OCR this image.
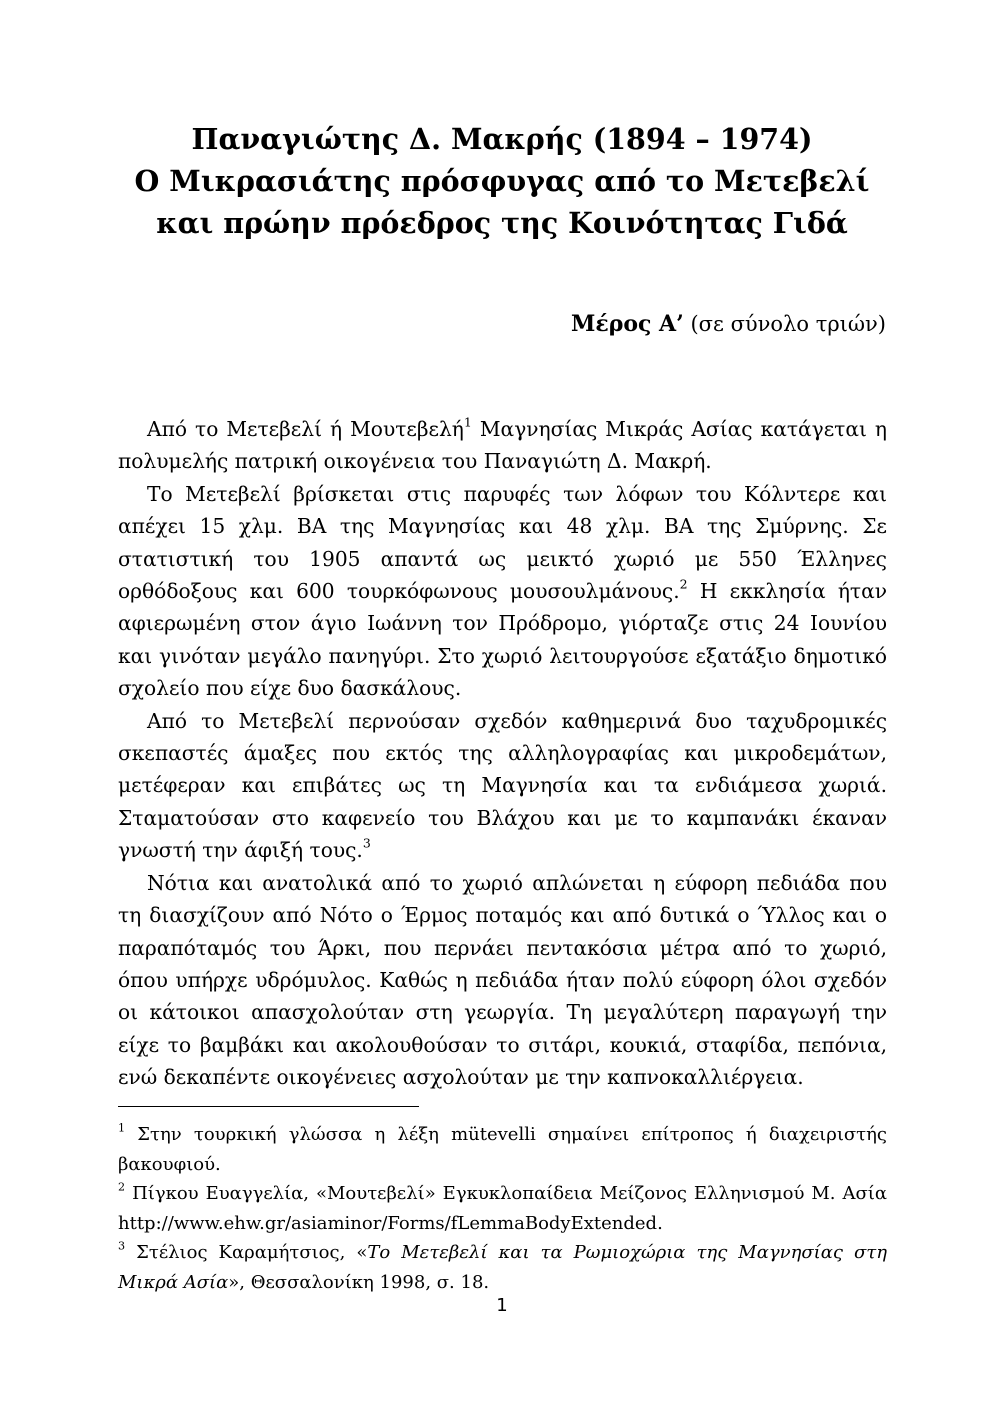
Παναγιώτης Δ. Μακρής (1894 – 1974)
Ο Μικρασιάτης πρόσφυγας από το Μετεβελί
και πρώην πρόεδρος της Κοινότητας Γιδά
Μέρος Α’ (σε σύνολο τριών)

Από το Μετεβελί ή Μουτεβελή$^1$ Μαγνησίας Μικράς Ασίας κατάγεται η πολυμελής πατρική οικογένεια του Παναγιώτη Δ. Μακρή.

Το Μετεβελί βρίσκεται στις παρυφές των λόφων του Κόλντερε και απέχει 15 χλμ. ΒΑ της Μαγνησίας και 48 χλμ. ΒΑ της Σμύρνης. Σε στατιστική του 1905 απαντά ως μεικτό χωριό με 550 Έλληνες ορθόδοξους και 600 τουρκόφωνους μουσουλμάνους.$^2$ Η εκκλησία ήταν αφιερωμένη στον άγιο Ιωάννη τον Πρόδρομο, γιόρταζε στις 24 Ιουνίου και γινόταν μεγάλο πανηγύρι. Στο χωριό λειτουργούσε εξατάξιο δημοτικό σχολείο που είχε δυο δασκάλους.

Από το Μετεβελί περνούσαν σχεδόν καθημερινά δυο ταχυδρομικές σκεπαστές άμαξες που εκτός της αλληλογραφίας και μικροδεμάτων, μετέφεραν και επιβάτες ως τη Μαγνησία και τα ενδιάμεσα χωριά. Σταματούσαν στο καφενείο του Βλάχου και με το καμπανάκι έκαναν γνωστή την άφιξή τους.$^3$

Νότια και ανατολικά από το χωριό απλώνεται η εύφορη πεδιάδα που τη διασχίζουν από Νότο ο Έρμος ποταμός και από δυτικά ο Ύλλος και ο παραπόταμός του Άρκι, που περνάει πεντακόσια μέτρα από το χωριό, όπου υπήρχε υδρόμυλος. Καθώς η πεδιάδα ήταν πολύ εύφορη όλοι σχεδόν οι κάτοικοι απασχολούταν στη γεωργία. Τη μεγαλύτερη παραγωγή την είχε το βαμβάκι και ακολουθούσαν το σιτάρι, κουκιά, σταφίδα, πεπόνια, ενώ δεκαπέντε οικογένειες ασχολούταν με την καπνοκαλλιέργεια.

$^1$ Στην τουρκική γλώσσα η λέξη mütevelli σημαίνει επίτροπος ή διαχειριστής βακουφιού.

$^2$ Πίγκου Ευαγγελία, «Μουτεβελί» Εγκυκλοπαίδεια Μείζονος Ελληνισμού Μ. Ασία http://www.ehw.gr/asiaminor/Forms/fLemmaBodyExtended.

$^3$ Στέλιος Καραμήτσιος, «Το Μετεβελί και τα Ρωμιοχώρια της Μαγνησίας στη Μικρά Ασία», Θεσσαλονίκη 1998, σ. 18.

1
